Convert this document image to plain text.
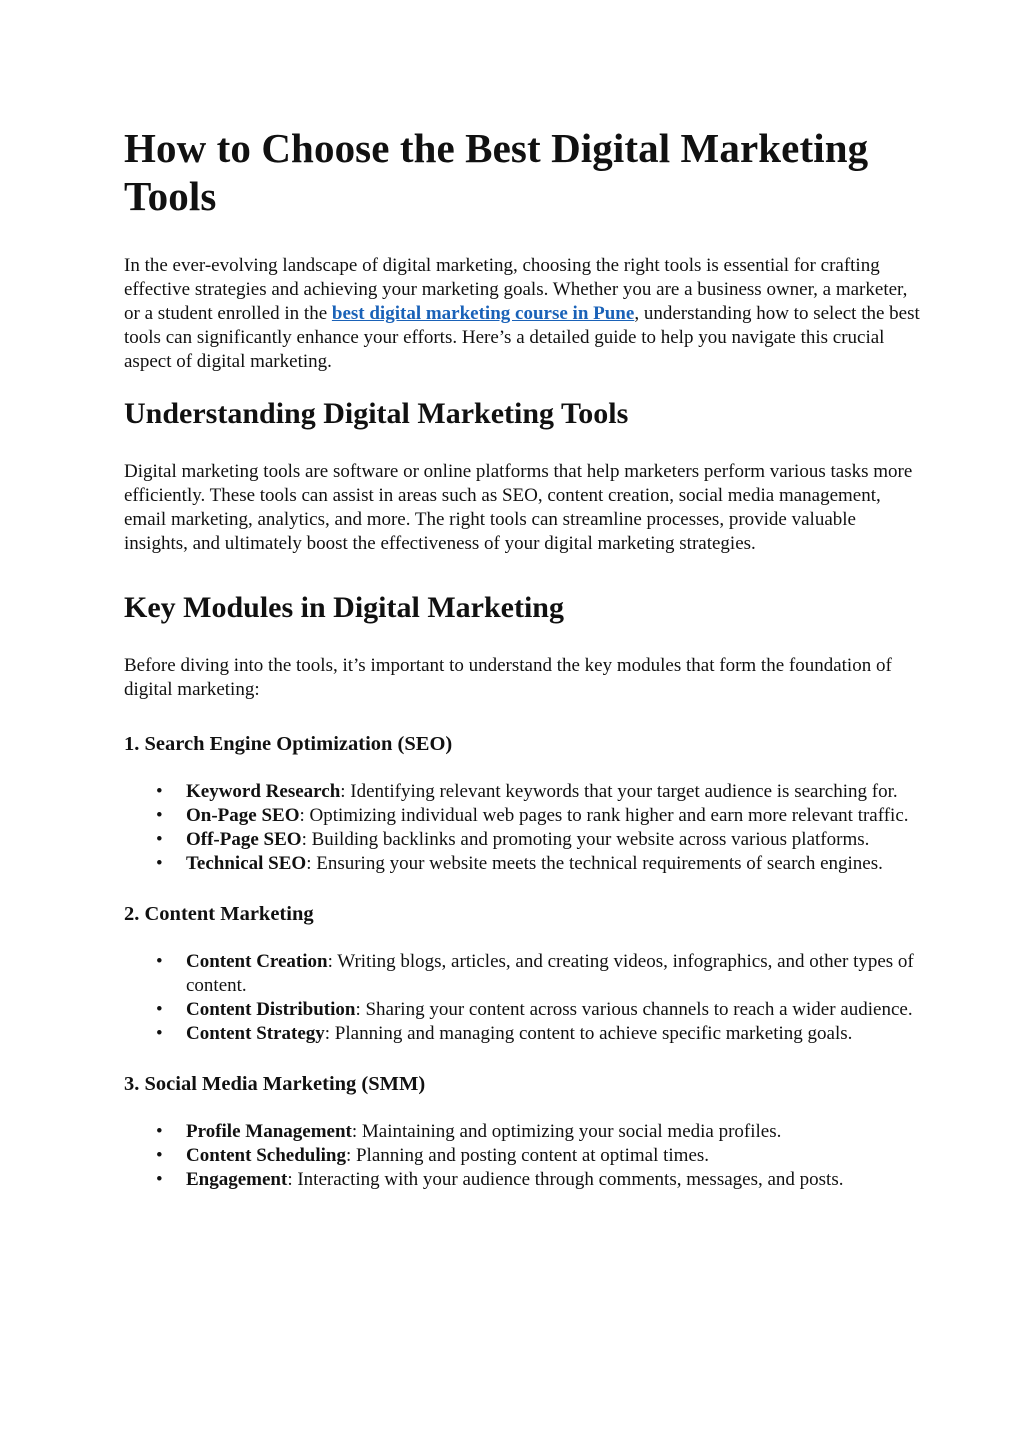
How to Choose the Best Digital Marketing Tools

In the ever-evolving landscape of digital marketing, choosing the right tools is essential for crafting effective strategies and achieving your marketing goals. Whether you are a business owner, a marketer, or a student enrolled in the best digital marketing course in Pune, understanding how to select the best tools can significantly enhance your efforts. Here’s a detailed guide to help you navigate this crucial aspect of digital marketing.

Understanding Digital Marketing Tools

Digital marketing tools are software or online platforms that help marketers perform various tasks more efficiently. These tools can assist in areas such as SEO, content creation, social media management, email marketing, analytics, and more. The right tools can streamline processes, provide valuable insights, and ultimately boost the effectiveness of your digital marketing strategies.

Key Modules in Digital Marketing

Before diving into the tools, it’s important to understand the key modules that form the foundation of digital marketing:

1. Search Engine Optimization (SEO)
• Keyword Research: Identifying relevant keywords that your target audience is searching for.
• On-Page SEO: Optimizing individual web pages to rank higher and earn more relevant traffic.
• Off-Page SEO: Building backlinks and promoting your website across various platforms.
• Technical SEO: Ensuring your website meets the technical requirements of search engines.
2. Content Marketing
• Content Creation: Writing blogs, articles, and creating videos, infographics, and other types of content.
• Content Distribution: Sharing your content across various channels to reach a wider audience.
• Content Strategy: Planning and managing content to achieve specific marketing goals.
3. Social Media Marketing (SMM)
• Profile Management: Maintaining and optimizing your social media profiles.
• Content Scheduling: Planning and posting content at optimal times.
• Engagement: Interacting with your audience through comments, messages, and posts.
